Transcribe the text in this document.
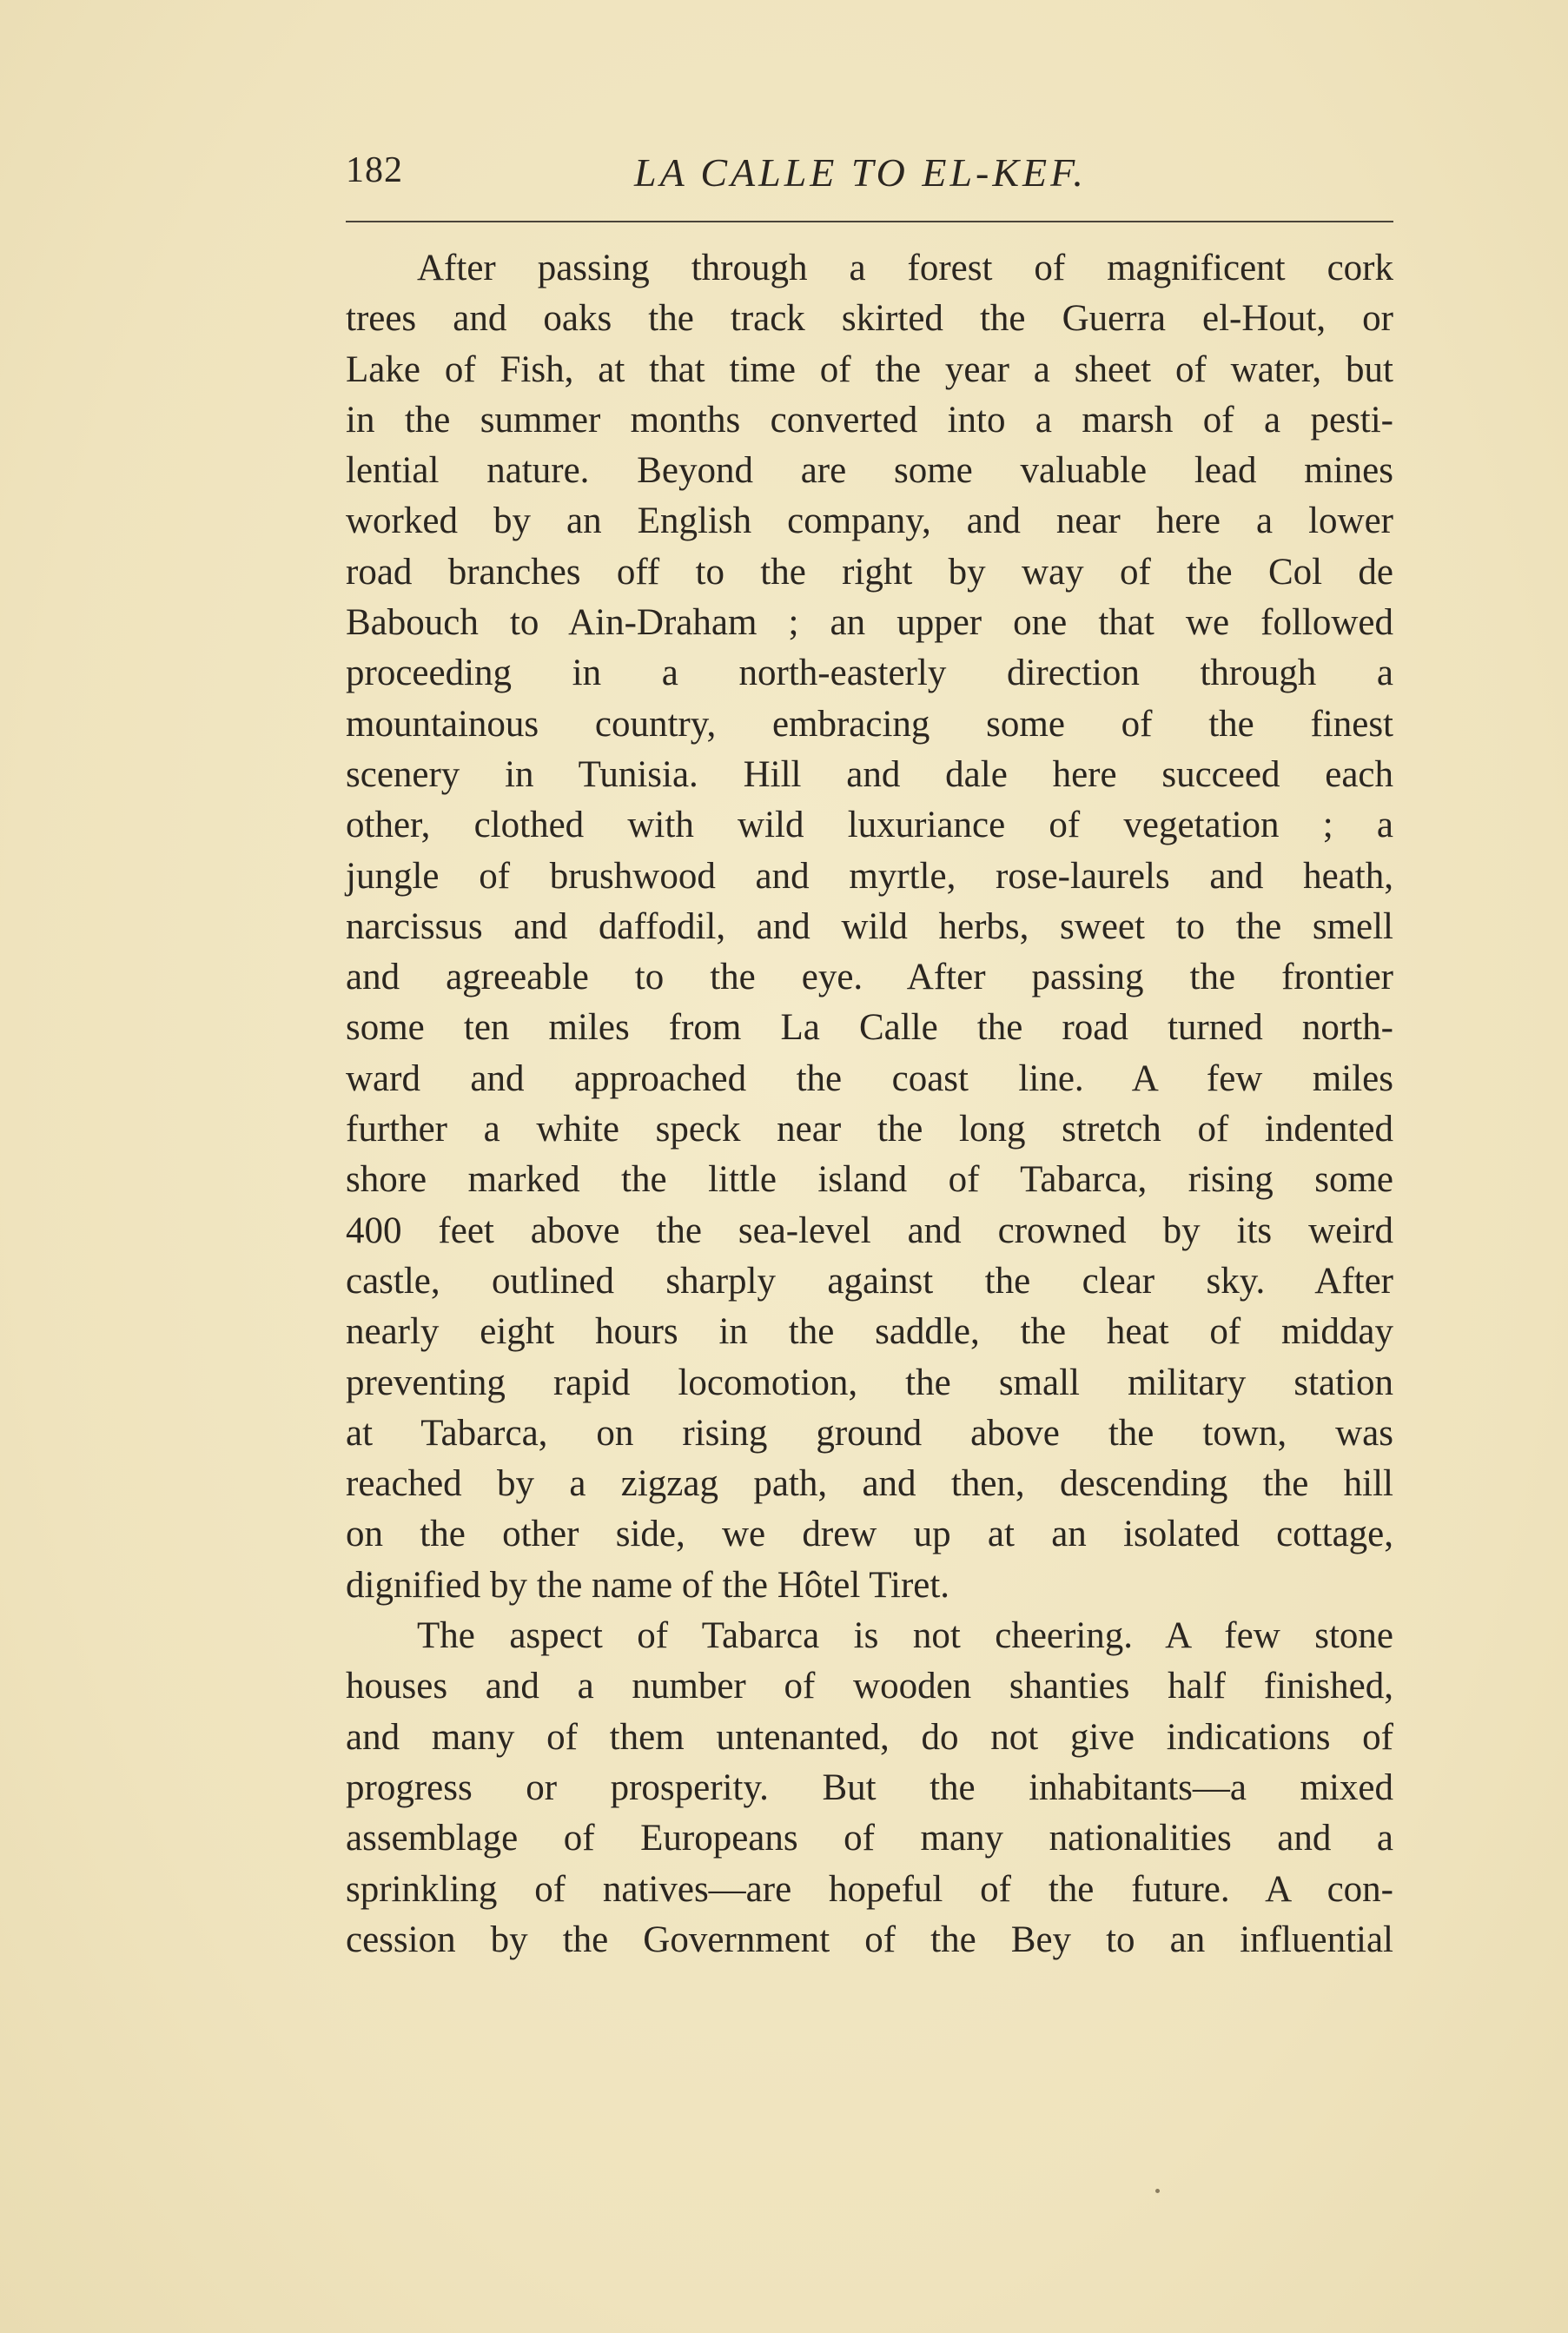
182	LA CALLE TO EL-KEF.
After passing through a forest of magnificent cork
trees and oaks the track skirted the Guerra el-Hout, or
Lake of Fish, at that time of the year a sheet of water, but
in the summer months converted into a marsh of a pesti-
lential nature. Beyond are some valuable lead mines
worked by an English company, and near here a lower
road branches off to the right by way of the Col de
Babouch to Ain-Draham ; an upper one that we followed
proceeding in a north-easterly direction through a
mountainous country, embracing some of the finest
scenery in Tunisia. Hill and dale here succeed each
other, clothed with wild luxuriance of vegetation ; a
jungle of brushwood and myrtle, rose-laurels and heath,
narcissus and daffodil, and wild herbs, sweet to the smell
and agreeable to the eye. After passing the frontier
some ten miles from La Calle the road turned north-
ward and approached the coast line. A few miles
further a white speck near the long stretch of indented
shore marked the little island of Tabarca, rising some
400 feet above the sea-level and crowned by its weird
castle, outlined sharply against the clear sky. After
nearly eight hours in the saddle, the heat of midday
preventing rapid locomotion, the small military station
at Tabarca, on rising ground above the town, was
reached by a zigzag path, and then, descending the hill
on the other side, we drew up at an isolated cottage,
dignified by the name of the Hôtel Tiret.
The aspect of Tabarca is not cheering. A few stone
houses and a number of wooden shanties half finished,
and many of them untenanted, do not give indications of
progress or prosperity. But the inhabitants—a mixed
assemblage of Europeans of many nationalities and a
sprinkling of natives—are hopeful of the future. A con-
cession by the Government of the Bey to an influential
